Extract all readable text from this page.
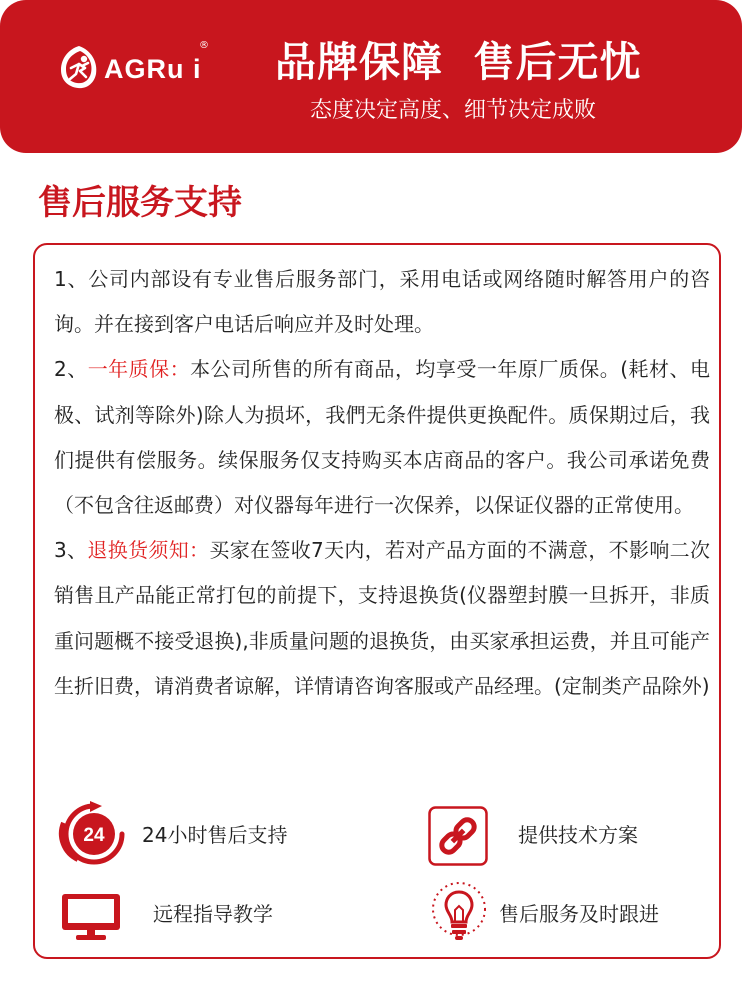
AGRu i
® 品牌保障  售后无忧
态度决定高度、细节决定成败
售后服务支持

1、公司内部设有专业售后服务部门，采用电话或网络随时解答用户的咨询。并在接到客户电话后响应并及时处理。

2、一年质保：本公司所售的所有商品，均享受一年原厂质保。(耗材、电极、试剂等除外)除人为损坏，我們无条件提供更换配件。质保期过后，我们提供有偿服务。续保服务仅支持购买本店商品的客户。我公司承诺免费（不包含往返邮费）对仪器每年进行一次保养，以保证仪器的正常使用。

3、退换货须知：买家在签收7天内，若对产品方面的不满意，不影响二次销售且产品能正常打包的前提下，支持退换货(仪器塑封膜一旦拆开，非质重问题概不接受退换),非质量问题的退换货，由买家承担运费，并且可能产生折旧费，请消费者谅解，详情请咨询客服或产品经理。(定制类产品除外)

24 24小时售后支持	提供技术方案
远程指导教学	售后服务及时跟进
